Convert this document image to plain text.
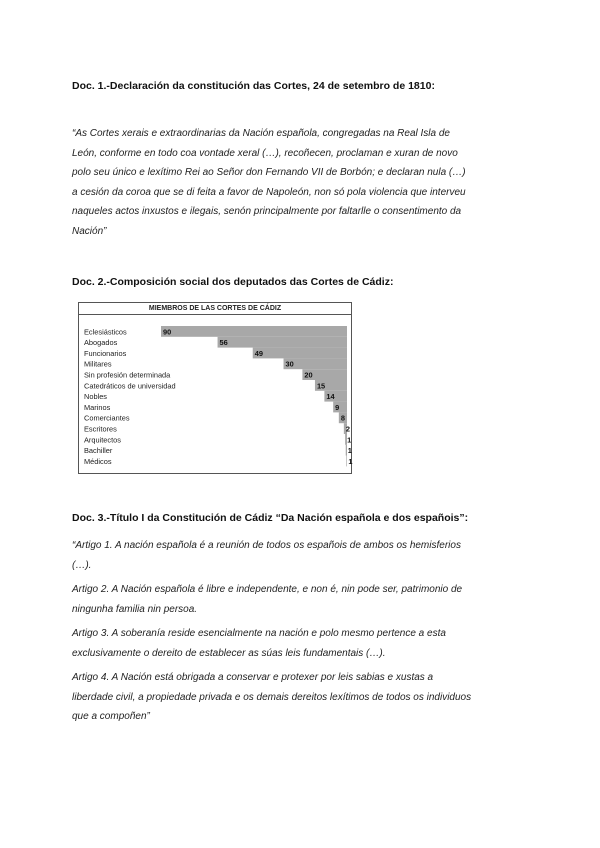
Doc. 1.-Declaración da constitución das Cortes, 24 de setembro de 1810:

“As Cortes xerais e extraordinarias da Nación española, congregadas na Real Isla de

León, conforme en todo coa vontade xeral (…), recoñecen, proclaman e xuran de novo

polo seu único e lexítimo Rei ao Señor don Fernando VII de Borbón; e declaran nula (…)

a cesión da coroa que se di feita a favor de Napoleón, non só pola violencia que interveu

naqueles actos inxustos e ilegais, senón principalmente por faltarlle o consentimento da

Nación”

Doc. 2.-Composición social dos deputados das Cortes de Cádiz:
MIEMBROS DE LAS CORTES DE CÁDIZ
Eclesiásticos	90
Abogados	56
Funcionarios	49
Militares	30
Sin profesión determinada	20
Catedráticos de universidad	15
Nobles	14
Marinos	9
Comerciantes	8
Escritores	2
Arquitectos	1
Bachiller	1
Médicos	1
Doc. 3.-Título I da Constitución de Cádiz “Da Nación española e dos españois”:

“Artigo 1. A nación española é a reunión de todos os españois de ambos os hemisferios

(…).

Artigo 2. A Nación española é libre e independente, e non é, nin pode ser, patrimonio de

ningunha familia nin persoa.

Artigo 3. A soberanía reside esencialmente na nación e polo mesmo pertence a esta

exclusivamente o dereito de establecer as súas leis fundamentais (…).

Artigo 4. A Nación está obrigada a conservar e protexer por leis sabias e xustas a

liberdade civil, a propiedade privada e os demais dereitos lexítimos de todos os individuos

que a compoñen”
